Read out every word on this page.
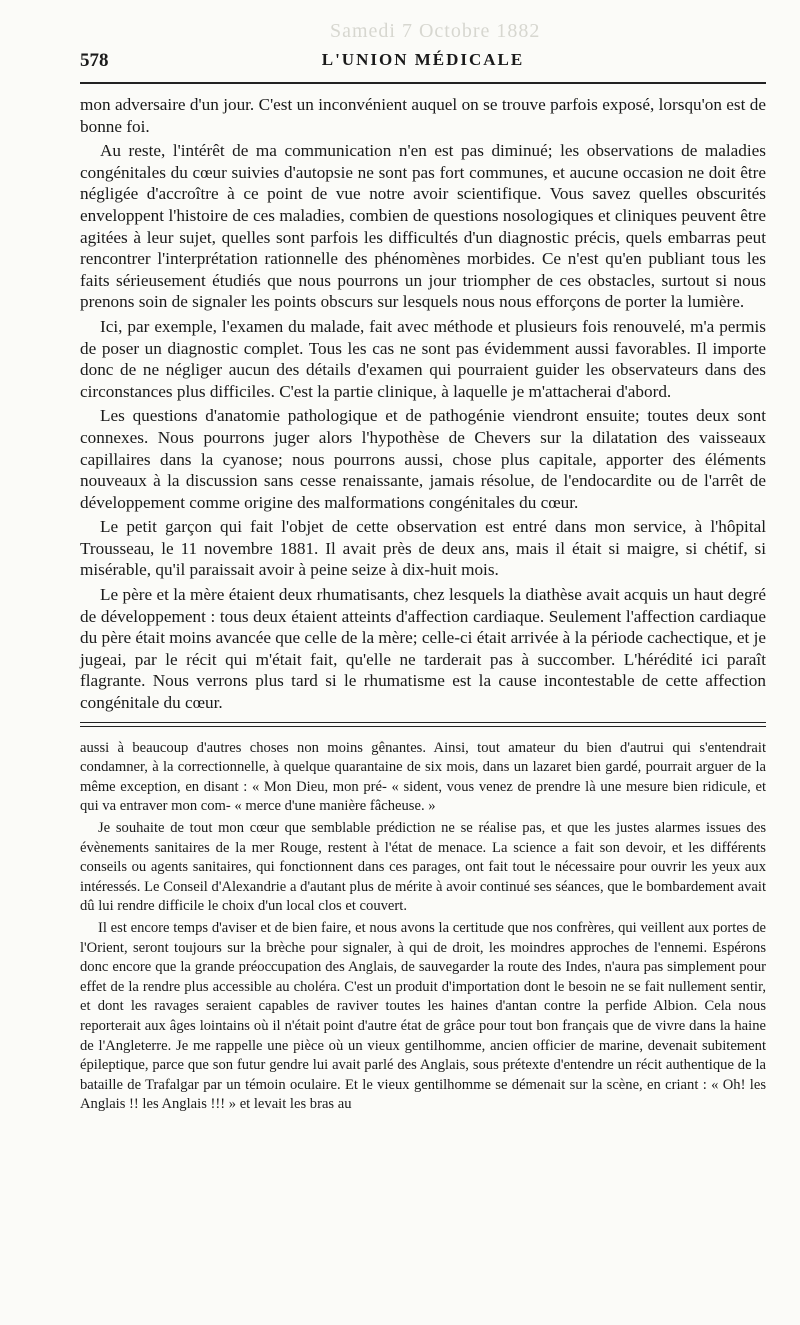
Samedi 7 Octobre 1882
578	L'UNION MÉDICALE

mon adversaire d'un jour. C'est un inconvénient auquel on se trouve parfois exposé, lorsqu'on est de bonne foi.

Au reste, l'intérêt de ma communication n'en est pas diminué; les observations de maladies congénitales du cœur suivies d'autopsie ne sont pas fort communes, et aucune occasion ne doit être négligée d'accroître à ce point de vue notre avoir scientifique. Vous savez quelles obscurités enveloppent l'histoire de ces maladies, combien de questions nosologiques et cliniques peuvent être agitées à leur sujet, quelles sont parfois les difficultés d'un diagnostic précis, quels embarras peut rencontrer l'interprétation rationnelle des phénomènes morbides. Ce n'est qu'en publiant tous les faits sérieusement étudiés que nous pourrons un jour triompher de ces obstacles, surtout si nous prenons soin de signaler les points obscurs sur lesquels nous nous efforçons de porter la lumière.

Ici, par exemple, l'examen du malade, fait avec méthode et plusieurs fois renouvelé, m'a permis de poser un diagnostic complet. Tous les cas ne sont pas évidemment aussi favorables. Il importe donc de ne négliger aucun des détails d'examen qui pourraient guider les observateurs dans des circonstances plus difficiles. C'est la partie clinique, à laquelle je m'attacherai d'abord.

Les questions d'anatomie pathologique et de pathogénie viendront ensuite; toutes deux sont connexes. Nous pourrons juger alors l'hypothèse de Chevers sur la dilatation des vaisseaux capillaires dans la cyanose; nous pourrons aussi, chose plus capitale, apporter des éléments nouveaux à la discussion sans cesse renaissante, jamais résolue, de l'endocardite ou de l'arrêt de développement comme origine des malformations congénitales du cœur.

Le petit garçon qui fait l'objet de cette observation est entré dans mon service, à l'hôpital Trousseau, le 11 novembre 1881. Il avait près de deux ans, mais il était si maigre, si chétif, si misérable, qu'il paraissait avoir à peine seize à dix-huit mois.

Le père et la mère étaient deux rhumatisants, chez lesquels la diathèse avait acquis un haut degré de développement : tous deux étaient atteints d'affection cardiaque. Seulement l'affection cardiaque du père était moins avancée que celle de la mère; celle-ci était arrivée à la période cachectique, et je jugeai, par le récit qui m'était fait, qu'elle ne tarderait pas à succomber. L'hérédité ici paraît flagrante. Nous verrons plus tard si le rhumatisme est la cause incontestable de cette affection congénitale du cœur.

aussi à beaucoup d'autres choses non moins gênantes. Ainsi, tout amateur du bien d'autrui qui s'entendrait condamner, à la correctionnelle, à quelque quarantaine de six mois, dans un lazaret bien gardé, pourrait arguer de la même exception, en disant : « Mon Dieu, mon pré- « sident, vous venez de prendre là une mesure bien ridicule, et qui va entraver mon com- « merce d'une manière fâcheuse. »

Je souhaite de tout mon cœur que semblable prédiction ne se réalise pas, et que les justes alarmes issues des évènements sanitaires de la mer Rouge, restent à l'état de menace. La science a fait son devoir, et les différents conseils ou agents sanitaires, qui fonctionnent dans ces parages, ont fait tout le nécessaire pour ouvrir les yeux aux intéressés. Le Conseil d'Alexandrie a d'autant plus de mérite à avoir continué ses séances, que le bombardement avait dû lui rendre difficile le choix d'un local clos et couvert.

Il est encore temps d'aviser et de bien faire, et nous avons la certitude que nos confrères, qui veillent aux portes de l'Orient, seront toujours sur la brèche pour signaler, à qui de droit, les moindres approches de l'ennemi. Espérons donc encore que la grande préoccupation des Anglais, de sauvegarder la route des Indes, n'aura pas simplement pour effet de la rendre plus accessible au choléra. C'est un produit d'importation dont le besoin ne se fait nullement sentir, et dont les ravages seraient capables de raviver toutes les haines d'antan contre la perfide Albion. Cela nous reporterait aux âges lointains où il n'était point d'autre état de grâce pour tout bon français que de vivre dans la haine de l'Angleterre. Je me rappelle une pièce où un vieux gentilhomme, ancien officier de marine, devenait subitement épileptique, parce que son futur gendre lui avait parlé des Anglais, sous prétexte d'entendre un récit authentique de la bataille de Trafalgar par un témoin oculaire. Et le vieux gentilhomme se démenait sur la scène, en criant : « Oh! les Anglais !! les Anglais !!! » et levait les bras au
